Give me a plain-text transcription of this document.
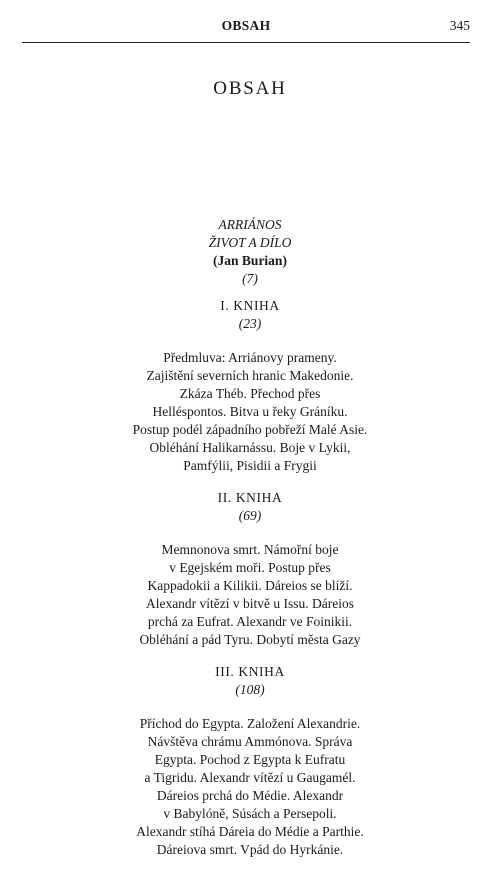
OBSAH	345
OBSAH
ARRIÁNOS
ŽIVOT A DÍLO
(Jan Burian)
(7)
I. KNIHA
(23)
Předmluva: Arriánovy prameny.
Zajištění severních hranic Makedonie.
Zkáza Théb. Přechod přes
Helléspontos. Bitva u řeky Gráníku.
Postup podél západního pobřeží Malé Asie.
Obléhání Halikarnássu. Boje v Lykii,
Pamfýlii, Pisidii a Frygii
II. KNIHA
(69)
Memnonova smrt. Námořní boje
v Egejském moři. Postup přes
Kappadokii a Kilikii. Dáreios se blíží.
Alexandr vítězí v bitvě u Issu. Dáreios
prchá za Eufrat. Alexandr ve Foinikii.
Obléhání a pád Tyru. Dobytí města Gazy
III. KNIHA
(108)
Příchod do Egypta. Založení Alexandrie.
Návštěva chrámu Ammónova. Správa
Egypta. Pochod z Egypta k Eufratu
a Tigridu. Alexandr vítězí u Gaugamél.
Dáreios prchá do Médie. Alexandr
v Babylóně, Súsách a Persepoli.
Alexandr stíhá Dáreia do Médie a Parthie.
Dáreiova smrt. Vpád do Hyrkánie.
